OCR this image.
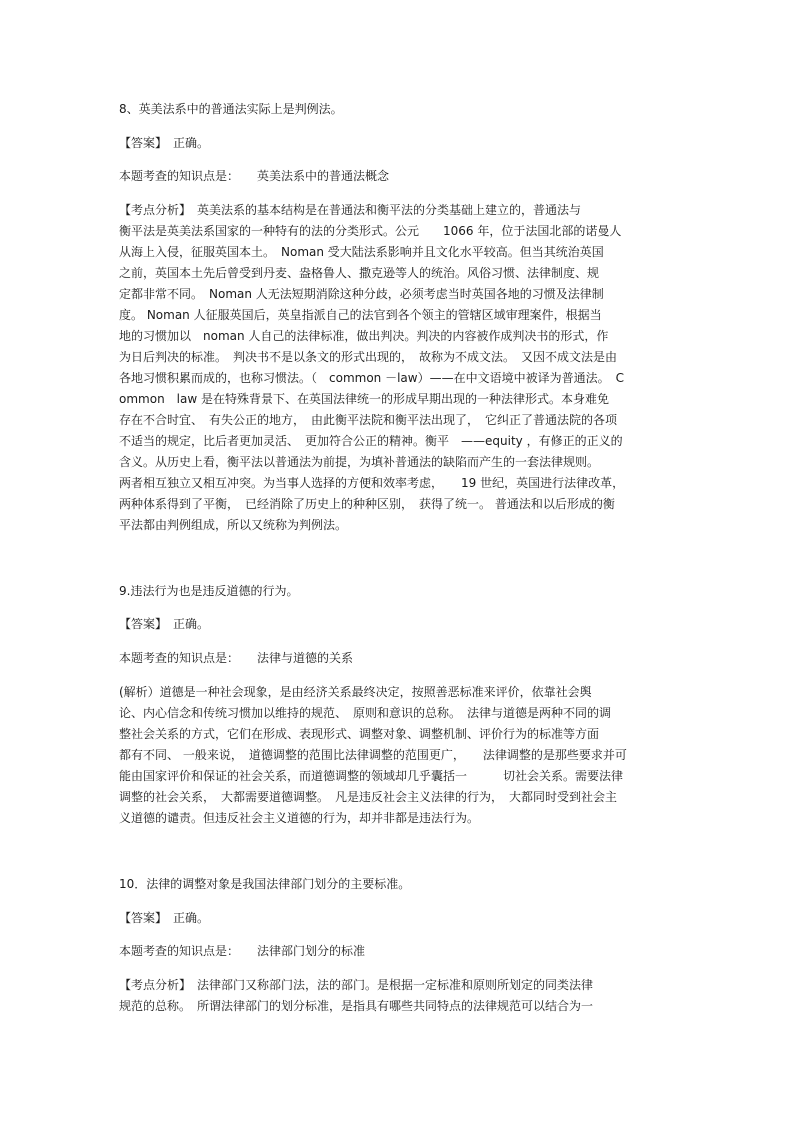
8、英美法系中的普通法实际上是判例法。
【答案】　正确。
本题考查的知识点是：　　英美法系中的普通法概念
【考点分析】　英美法系的基本结构是在普通法和衡平法的分类基础上建立的，普通法与
衡平法是英美法系国家的一种特有的法的分类形式。公元　　1066 年，位于法国北部的诺曼人
从海上入侵，征服英国本土。　Noman 受大陆法系影响并且文化水平较高。但当其统治英国
之前，英国本土先后曾受到丹麦、盎格鲁人、撒克逊等人的统治。风俗习惯、法律制度、规
定都非常不同。　Noman 人无法短期消除这种分歧，必须考虑当时英国各地的习惯及法律制
度。 Noman 人征服英国后，英皇指派自己的法官到各个领主的管辖区域审理案件，根据当
地的习惯加以　noman 人自己的法律标准，做出判决。判决的内容被作成判决书的形式，作
为日后判决的标准。　判决书不是以条文的形式出现的，　故称为不成文法。　又因不成文法是由
各地习惯积累而成的，也称习惯法。（　common －law）——在中文语境中被译为普通法。　C
ommon　law 是在特殊背景下、在英国法律统一的形成早期出现的一种法律形式。本身难免
存在不合时宜、　有失公正的地方，　由此衡平法院和衡平法出现了，　它纠正了普通法院的各项
不适当的规定，比后者更加灵活、　更加符合公正的精神。衡平　——equity ，有修正的正义的
含义。从历史上看，衡平法以普通法为前提，为填补普通法的缺陷而产生的一套法律规则。
两者相互独立又相互冲突。为当事人选择的方便和效率考虑，　　19 世纪，英国进行法律改革，
两种体系得到了平衡，　已经消除了历史上的种种区别，　获得了统一。 普通法和以后形成的衡
平法都由判例组成，所以又统称为判例法。
9.违法行为也是违反道德的行为。
【答案】　正确。
本题考查的知识点是：　　法律与道德的关系
(解析）道德是一种社会现象，是由经济关系最终决定，按照善恶标准来评价，依靠社会舆
论、内心信念和传统习惯加以维持的规范、　原则和意识的总称。　法律与道德是两种不同的调
整社会关系的方式，它们在形成、表现形式、调整对象、调整机制、评价行为的标准等方面
都有不同、 一般来说，　道德调整的范围比法律调整的范围更广，　　法律调整的是那些要求并可
能由国家评价和保证的社会关系，而道德调整的领域却几乎囊括一　　　切社会关系。需要法律
调整的社会关系，　大都需要道德调整。　凡是违反社会主义法律的行为，　大都同时受到社会主
义道德的谴责。但违反社会主义道德的行为，却并非都是违法行为。
10．法律的调整对象是我国法律部门划分的主要标准。
【答案】　正确。
本题考查的知识点是：　　法律部门划分的标准
【考点分析】　法律部门又称部门法，法的部门。是根据一定标准和原则所划定的同类法律
规范的总称。　所谓法律部门的划分标准，是指具有哪些共同特点的法律规范可以结合为一
